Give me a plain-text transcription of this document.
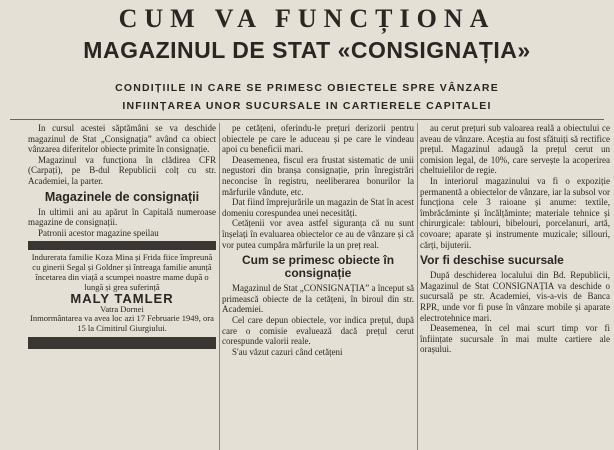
CUM VA FUNCȚIONA
MAGAZINUL DE STAT «CONSIGNAȚIA»
CONDIȚIILE IN CARE SE PRIMESC OBIECTELE SPRE VÂNZARE
INFIINȚAREA UNOR SUCURSALE IN CARTIERELE CAPITALEI

In cursul acestei săptămâni se va deschide magazinul de Stat „Consignația” având ca obiect vânzarea diferitelor obiecte primite în consignație.

Magazinul va funcționa în clădirea CFR (Carpați), pe B-dul Republicii colț cu str. Academiei, la parter.

Magazinele de consignații

In ultimii ani au apărut în Capitală numeroase magazine de consignații.

Patronii acestor magazine speilau

Indurerata familie Koza Mina și Frida fiice împreună cu ginerii Segal și Goldner și întreaga familie anunță încetarea din viață a scumpei noastre mame după o lungă și grea suferință

MALY TAMLER
Vatra Dornei

Inmormântarea va avea loc azi 17 Februarie 1949, ora 15 la Cimitirul Giurgiului.

pe cetățeni, oferindu-le prețuri derizorii pentru obiectele pe care le aduceau și pe care le vindeau apoi cu beneficii mari.

Deasemenea, fiscul era frustat sistematic de unii negustori din branșa consignație, prin înregistrări neconcise în registru, neeliberarea bonurilor la mărfurile vândute, etc.

Dat fiind împrejurările un magazin de Stat în acest domeniu corespundea unei necesități.

Cetățenii vor avea astfel siguranța că nu sunt înșelați în evaluarea obiectelor ce au de vânzare și că vor putea cumpăra mărfurile la un preț real.

Cum se primesc obiecte în consignație

Magazinul de Stat „CONSIGNAȚIA” a început să primească obiecte de la cetățeni, în biroul din str. Academiei.

Cel care depun obiectele, vor indica prețul, după care o comisie evaluează dacă prețul cerut corespunde valorii reale.

S'au văzut cazuri când cetățeni

au cerut prețuri sub valoarea reală a obiectului ce aveau de vânzare. Aceștia au fost sfătuiți să rectifice prețul. Magazinul adaugă la prețul cerut un comision legal, de 10%, care servește la acoperirea cheltuielilor de regie.

In interiorul magazinului va fi o expoziție permanentă a obiectelor de vânzare, iar la subsol vor funcționa cele 3 raioane și anume: textile, îmbrăcăminte și încălțăminte; materiale tehnice și chirurgicale: tablouri, bibelouri, porcelanuri, artă, covoare; aparate și instrumente muzicale; sillouri, cărți, bijuterii.

Vor fi deschise sucursale

După deschiderea localului din Bd. Republicii, Magazinul de Stat CONSIGNAȚIA va deschide o sucursală pe str. Academiei, vis-a-vis de Banca RPR, unde vor fi puse în vânzare mobile și aparate electrotehnice mari.

Deasemenea, în cel mai scurt timp vor fi înființate sucursale în mai multe cartiere ale orașului.
